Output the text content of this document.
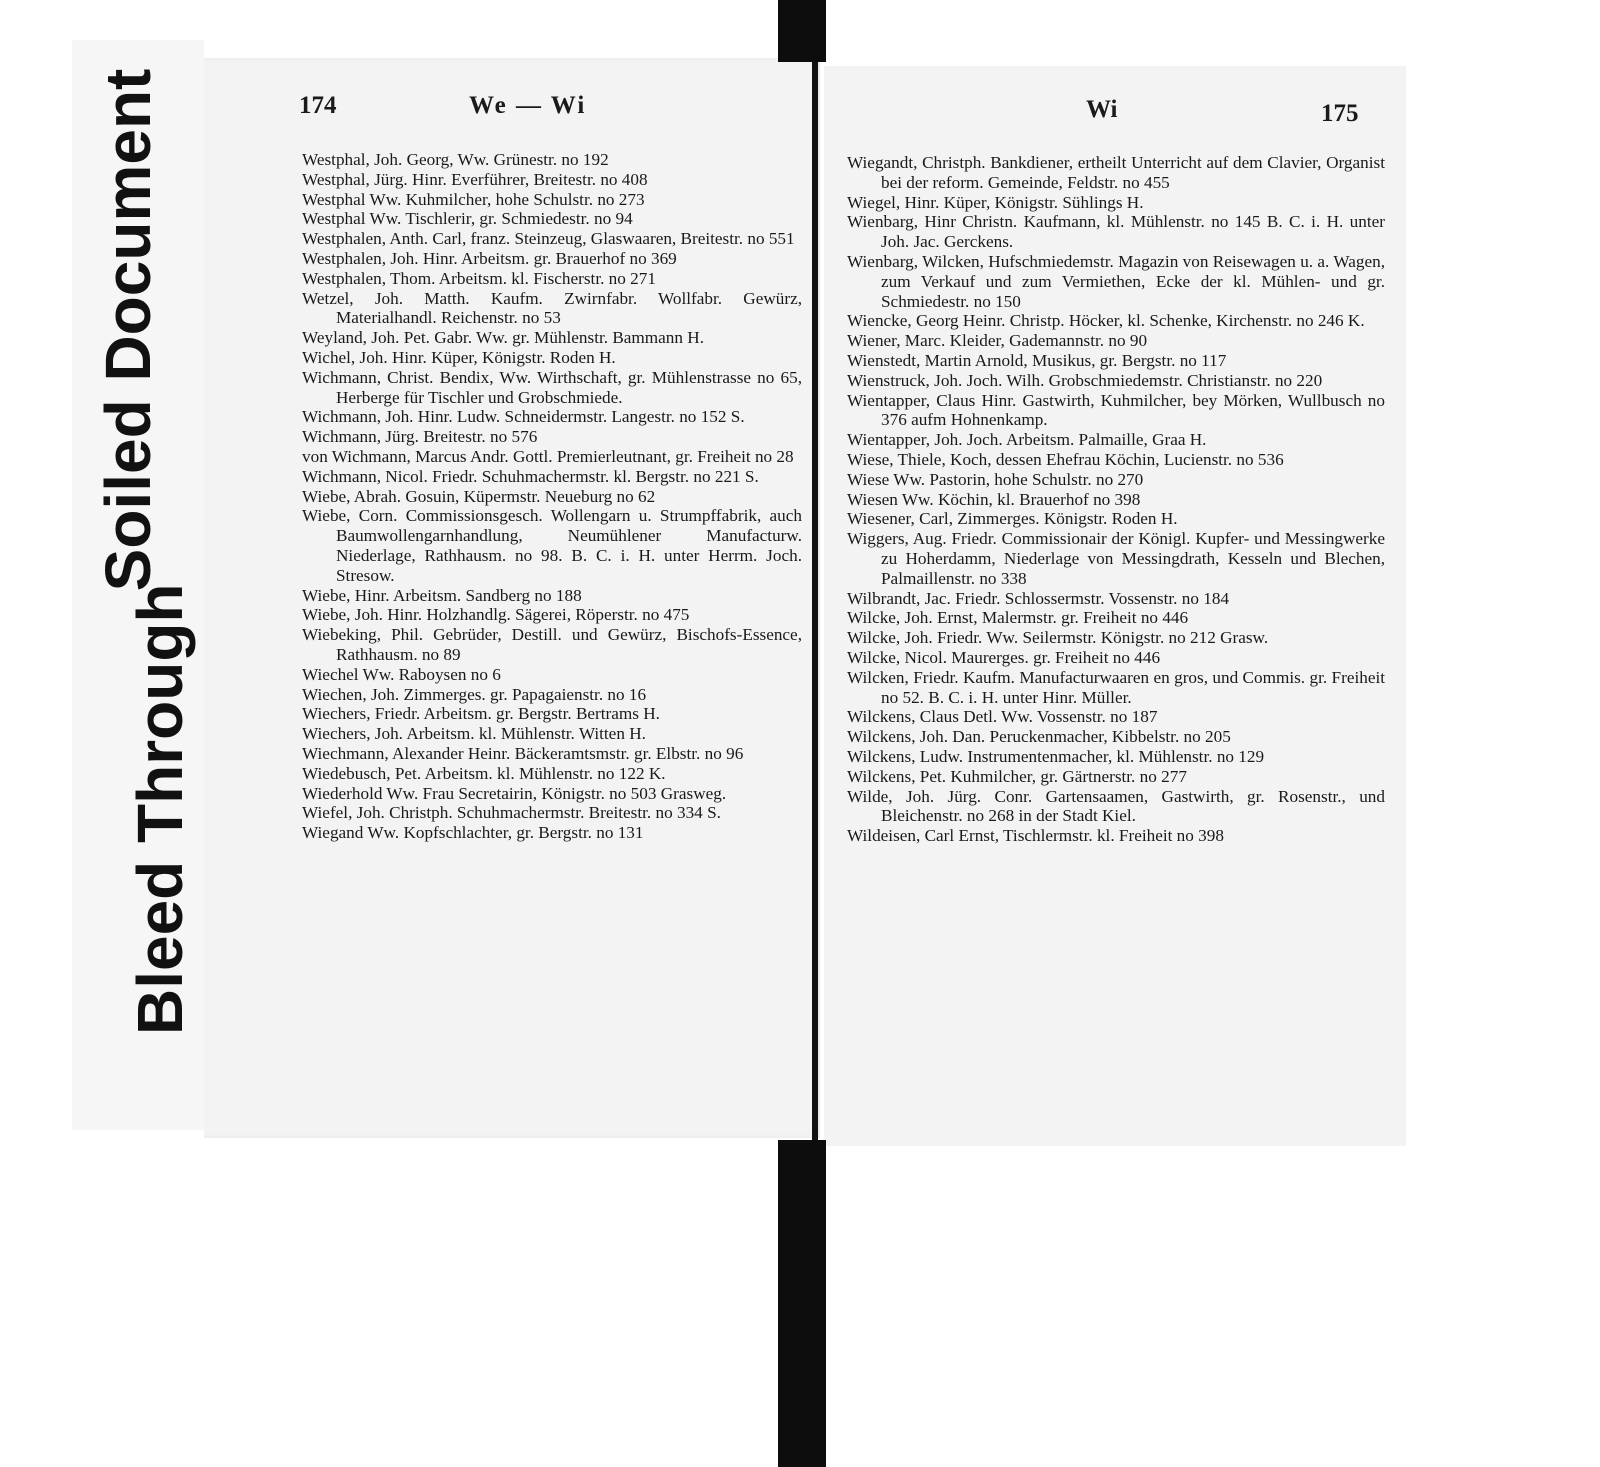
Soiled Document
Bleed Through
174	We — Wi
Westphal, Joh. Georg, Ww. Grünestr. no 192
Westphal, Jürg. Hinr. Everführer, Breitestr. no 408
Westphal Ww. Kuhmilcher, hohe Schulstr. no 273
Westphal Ww. Tischlerir, gr. Schmiedestr. no 94
Westphalen, Anth. Carl, franz. Steinzeug, Glaswaaren, Breitestr. no 551
Westphalen, Joh. Hinr. Arbeitsm. gr. Brauerhof no 369
Westphalen, Thom. Arbeitsm. kl. Fischerstr. no 271
Wetzel, Joh. Matth. Kaufm. Zwirnfabr. Wollfabr. Gewürz, Materialhandl. Reichenstr. no 53
Weyland, Joh. Pet. Gabr. Ww. gr. Mühlenstr. Bammann H.
Wichel, Joh. Hinr. Küper, Königstr. Roden H.
Wichmann, Christ. Bendix, Ww. Wirthschaft, gr. Mühlenstrasse no 65, Herberge für Tischler und Grobschmiede.
Wichmann, Joh. Hinr. Ludw. Schneidermstr. Langestr. no 152 S.
Wichmann, Jürg. Breitestr. no 576
von Wichmann, Marcus Andr. Gottl. Premierleutnant, gr. Freiheit no 28
Wichmann, Nicol. Friedr. Schuhmachermstr. kl. Bergstr. no 221 S.
Wiebe, Abrah. Gosuin, Küpermstr. Neueburg no 62
Wiebe, Corn. Commissionsgesch. Wollengarn u. Strumpffabrik, auch Baumwollengarnhandlung, Neumühlener Manufacturw. Niederlage, Rathhausm. no 98. B. C. i. H. unter Herrm. Joch. Stresow.
Wiebe, Hinr. Arbeitsm. Sandberg no 188
Wiebe, Joh. Hinr. Holzhandlg. Sägerei, Röperstr. no 475
Wiebeking, Phil. Gebrüder, Destill. und Gewürz, Bischofs-Essence, Rathhausm. no 89
Wiechel Ww. Raboysen no 6
Wiechen, Joh. Zimmerges. gr. Papagaienstr. no 16
Wiechers, Friedr. Arbeitsm. gr. Bergstr. Bertrams H.
Wiechers, Joh. Arbeitsm. kl. Mühlenstr. Witten H.
Wiechmann, Alexander Heinr. Bäckeramtsmstr. gr. Elbstr. no 96
Wiedebusch, Pet. Arbeitsm. kl. Mühlenstr. no 122 K.
Wiederhold Ww. Frau Secretairin, Königstr. no 503 Grasweg.
Wiefel, Joh. Christph. Schuhmachermstr. Breitestr. no 334 S.
Wiegand Ww. Kopfschlachter, gr. Bergstr. no 131
Wi	175
Wiegandt, Christph. Bankdiener, ertheilt Unterricht auf dem Clavier, Organist bei der reform. Gemeinde, Feldstr. no 455
Wiegel, Hinr. Küper, Königstr. Sühlings H.
Wienbarg, Hinr Christn. Kaufmann, kl. Mühlenstr. no 145 B. C. i. H. unter Joh. Jac. Gerckens.
Wienbarg, Wilcken, Hufschmiedemstr. Magazin von Reisewagen u. a. Wagen, zum Verkauf und zum Vermiethen, Ecke der kl. Mühlen- und gr. Schmiedestr. no 150
Wiencke, Georg Heinr. Christp. Höcker, kl. Schenke, Kirchenstr. no 246 K.
Wiener, Marc. Kleider, Gademannstr. no 90
Wienstedt, Martin Arnold, Musikus, gr. Bergstr. no 117
Wienstruck, Joh. Joch. Wilh. Grobschmiedemstr. Christianstr. no 220
Wientapper, Claus Hinr. Gastwirth, Kuhmilcher, bey Mörken, Wullbusch no 376 aufm Hohnenkamp.
Wientapper, Joh. Joch. Arbeitsm. Palmaille, Graa H.
Wiese, Thiele, Koch, dessen Ehefrau Köchin, Lucienstr. no 536
Wiese Ww. Pastorin, hohe Schulstr. no 270
Wiesen Ww. Köchin, kl. Brauerhof no 398
Wiesener, Carl, Zimmerges. Königstr. Roden H.
Wiggers, Aug. Friedr. Commissionair der Königl. Kupfer- und Messingwerke zu Hoherdamm, Niederlage von Messingdrath, Kesseln und Blechen, Palmaillenstr. no 338
Wilbrandt, Jac. Friedr. Schlossermstr. Vossenstr. no 184
Wilcke, Joh. Ernst, Malermstr. gr. Freiheit no 446
Wilcke, Joh. Friedr. Ww. Seilermstr. Königstr. no 212 Grasw.
Wilcke, Nicol. Maurerges. gr. Freiheit no 446
Wilcken, Friedr. Kaufm. Manufacturwaaren en gros, und Commis. gr. Freiheit no 52. B. C. i. H. unter Hinr. Müller.
Wilckens, Claus Detl. Ww. Vossenstr. no 187
Wilckens, Joh. Dan. Peruckenmacher, Kibbelstr. no 205
Wilckens, Ludw. Instrumentenmacher, kl. Mühlenstr. no 129
Wilckens, Pet. Kuhmilcher, gr. Gärtnerstr. no 277
Wilde, Joh. Jürg. Conr. Gartensaamen, Gastwirth, gr. Rosenstr., und Bleichenstr. no 268 in der Stadt Kiel.
Wildeisen, Carl Ernst, Tischlermstr. kl. Freiheit no 398
